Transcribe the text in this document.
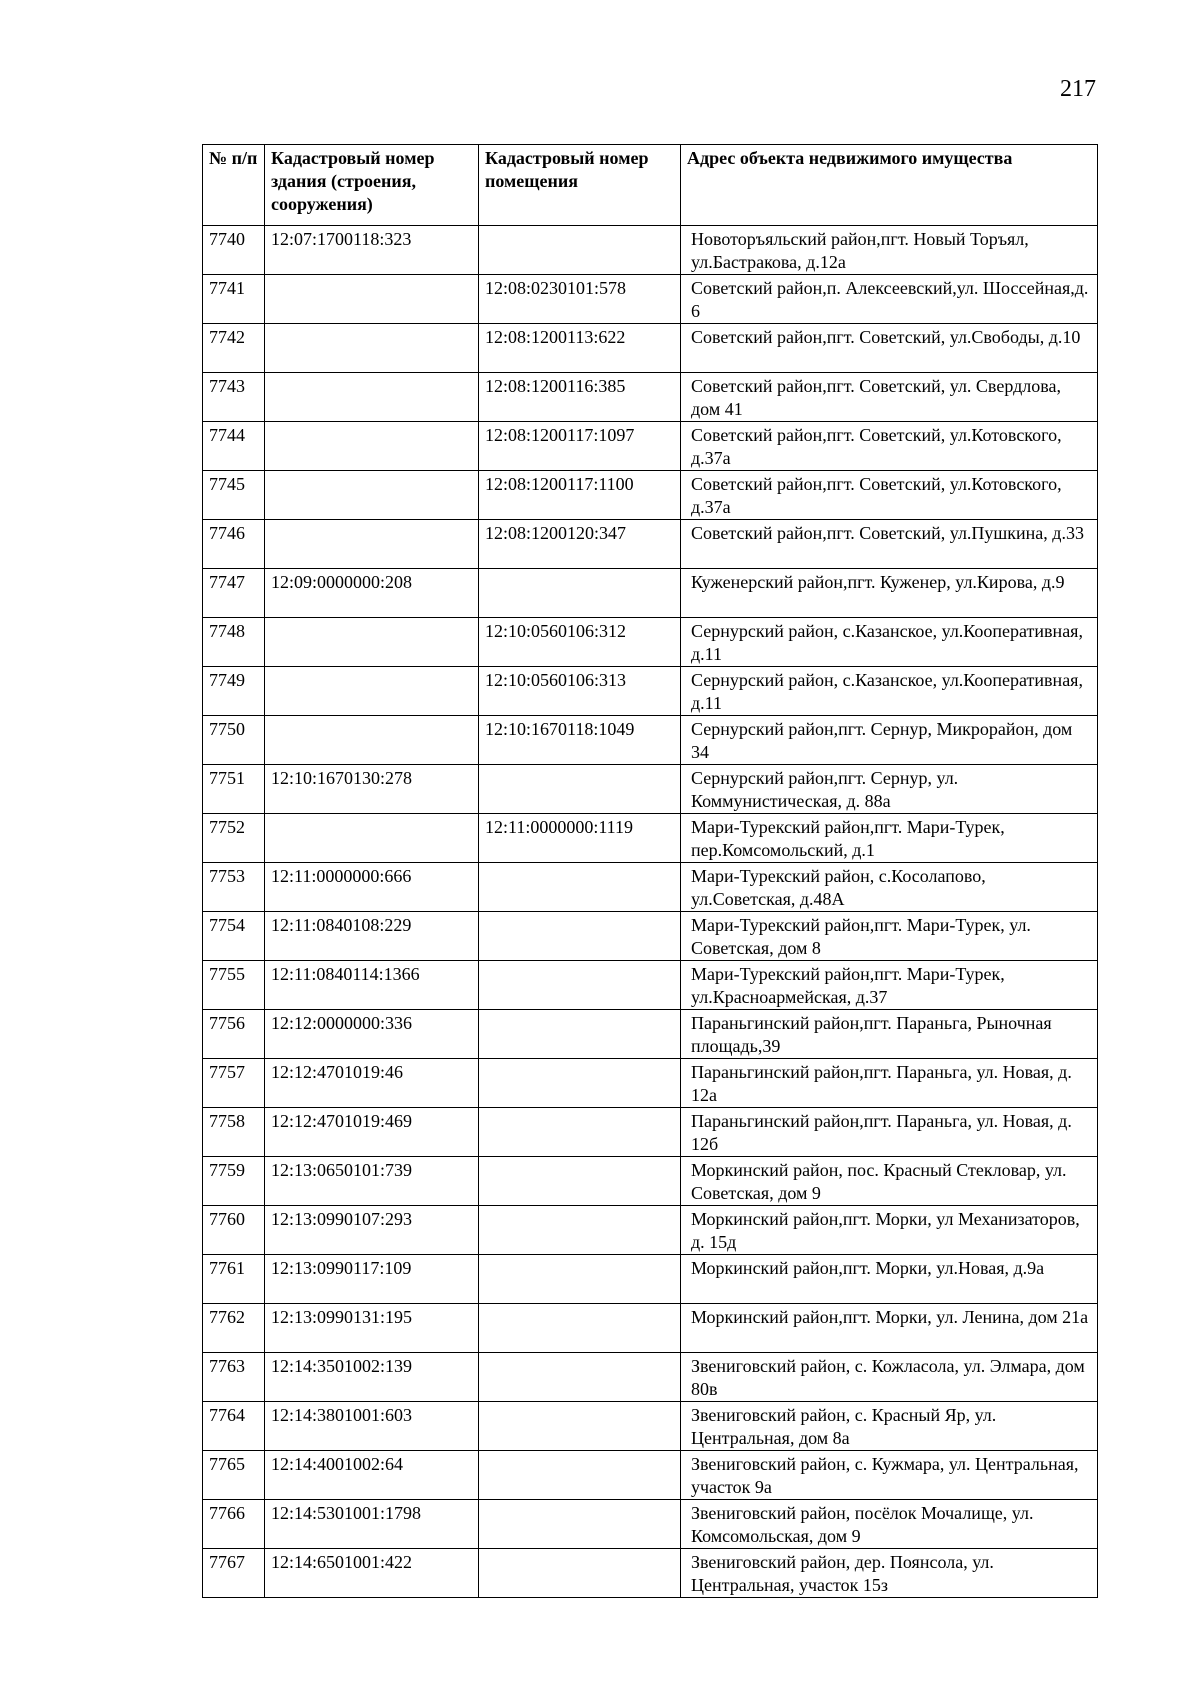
217
№ п/п	Кадастровый номер здания (строения, сооружения)	Кадастровый номер помещения	Адрес объекта недвижимого имущества
7740	12:07:1700118:323		Новоторъяльский район,пгт. Новый Торъял, ул.Бастракова, д.12а
7741		12:08:0230101:578	Советский район,п. Алексеевский,ул. Шоссейная,д. 6
7742		12:08:1200113:622	Советский район,пгт. Советский, ул.Свободы, д.10
7743		12:08:1200116:385	Советский район,пгт. Советский, ул. Свердлова, дом 41
7744		12:08:1200117:1097	Советский район,пгт. Советский, ул.Котовского, д.37а
7745		12:08:1200117:1100	Советский район,пгт. Советский, ул.Котовского, д.37а
7746		12:08:1200120:347	Советский район,пгт. Советский, ул.Пушкина, д.33
7747	12:09:0000000:208		Куженерский район,пгт. Куженер, ул.Кирова, д.9
7748		12:10:0560106:312	Сернурский район, с.Казанское, ул.Кооперативная, д.11
7749		12:10:0560106:313	Сернурский район, с.Казанское, ул.Кооперативная, д.11
7750		12:10:1670118:1049	Сернурский район,пгт. Сернур, Микрорайон, дом 34
7751	12:10:1670130:278		Сернурский район,пгт. Сернур, ул. Коммунистическая, д. 88а
7752		12:11:0000000:1119	Мари-Турекский район,пгт. Мари-Турек, пер.Комсомольский, д.1
7753	12:11:0000000:666		Мари-Турекский район, с.Косолапово, ул.Советская, д.48А
7754	12:11:0840108:229		Мари-Турекский район,пгт. Мари-Турек, ул. Советская, дом 8
7755	12:11:0840114:1366		Мари-Турекский район,пгт. Мари-Турек, ул.Красноармейская, д.37
7756	12:12:0000000:336		Параньгинский район,пгт. Параньга, Рыночная площадь,39
7757	12:12:4701019:46		Параньгинский район,пгт. Параньга, ул. Новая, д. 12а
7758	12:12:4701019:469		Параньгинский район,пгт. Параньга, ул. Новая, д. 12б
7759	12:13:0650101:739		Моркинский район, пос. Красный Стекловар, ул. Советская, дом 9
7760	12:13:0990107:293		Моркинский район,пгт. Морки, ул Механизаторов, д. 15д
7761	12:13:0990117:109		Моркинский район,пгт. Морки, ул.Новая, д.9а
7762	12:13:0990131:195		Моркинский район,пгт. Морки, ул. Ленина, дом 21а
7763	12:14:3501002:139		Звениговский район, с. Кожласола, ул. Элмара, дом 80в
7764	12:14:3801001:603		Звениговский район, с. Красный Яр, ул. Центральная, дом 8а
7765	12:14:4001002:64		Звениговский район, с. Кужмара, ул. Центральная, участок 9а
7766	12:14:5301001:1798		Звениговский район, посёлок Мочалище, ул. Комсомольская, дом 9
7767	12:14:6501001:422		Звениговский район, дер. Поянсола, ул. Центральная, участок 15з
